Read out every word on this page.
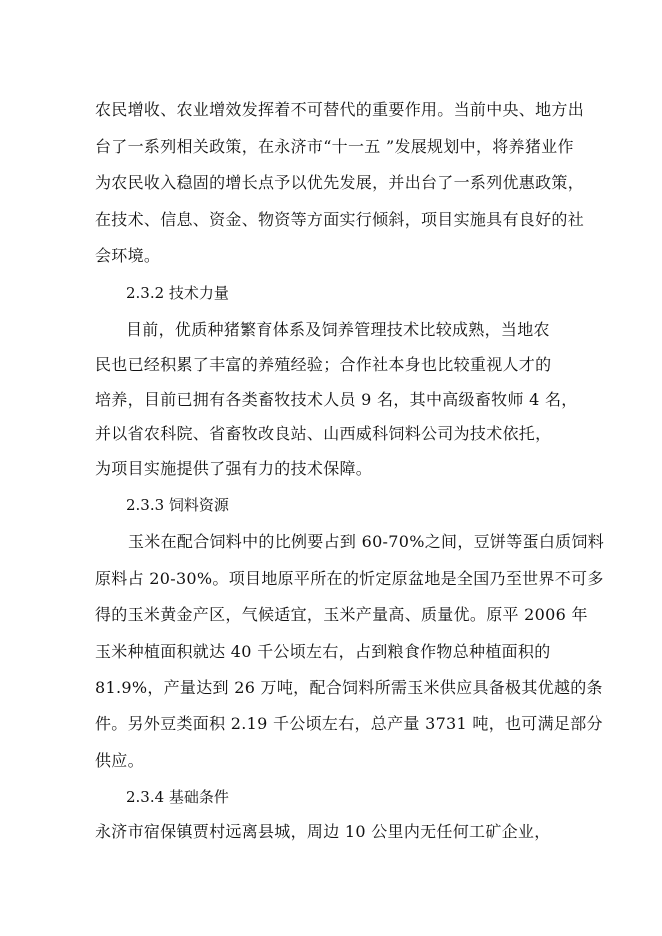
农民增收、农业增效发挥着不可替代的重要作用。当前中央、地方出
台了一系列相关政策，在永济市“十一五 ”发展规划中，将养猪业作
为农民收入稳固的增长点予以优先发展，并出台了一系列优惠政策，
在技术、信息、资金、物资等方面实行倾斜，项目实施具有良好的社
会环境。
2.3.2 技术力量
目前，优质种猪繁育体系及饲养管理技术比较成熟，当地农
民也已经积累了丰富的养殖经验；合作社本身也比较重视人才的
培养，目前已拥有各类畜牧技术人员 9 名，其中高级畜牧师 4 名，
并以省农科院、省畜牧改良站、山西威科饲料公司为技术依托，
为项目实施提供了强有力的技术保障。
2.3.3 饲料资源
玉米在配合饲料中的比例要占到 60-70%之间，豆饼等蛋白质饲料
原料占 20-30%。项目地原平所在的忻定原盆地是全国乃至世界不可多
得的玉米黄金产区，气候适宜，玉米产量高、质量优。原平 2006 年
玉米种植面积就达 40 千公顷左右，占到粮食作物总种植面积的
81.9%，产量达到 26 万吨，配合饲料所需玉米供应具备极其优越的条
件。另外豆类面积 2.19 千公顷左右，总产量 3731 吨，也可满足部分
供应。
2.3.4 基础条件
永济市宿保镇贾村远离县城，周边 10 公里内无任何工矿企业，
